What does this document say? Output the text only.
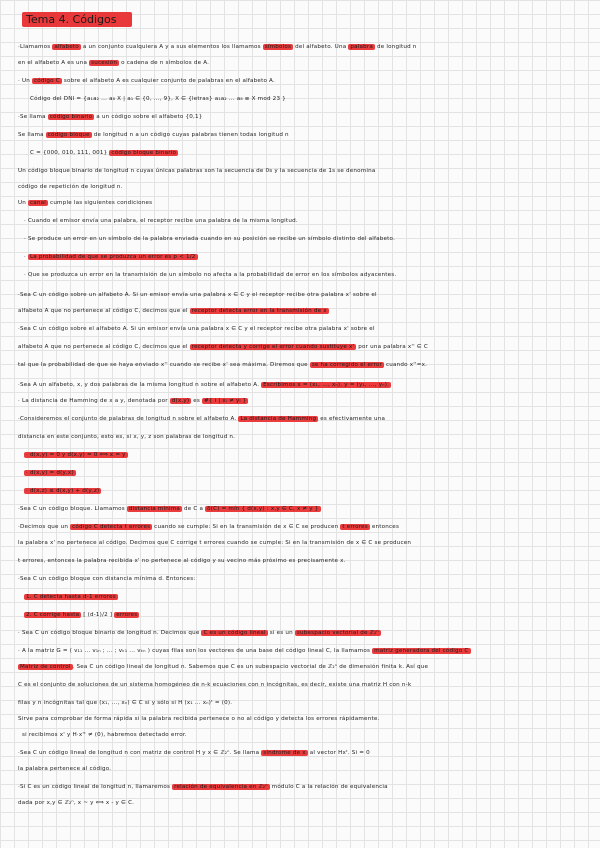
Tema 4. Códigos
·Llamamos alfabeto a un conjunto cualquiera A y a sus elementos los llamamos símbolos del alfabeto. Una palabra de longitud n
en el alfabeto A es una sucesión o cadena de n símbolos de A.
· Un código C sobre el alfabeto A es cualquier conjunto de palabras en el alfabeto A.
Código del DNI = {a₁a₂ ... a₈ X | a₁ ∈ {0, ..., 9}, X ∈ {letras} a₁a₂ ... a₈ ≡ X mod 23 }
·Se llama código binario a un código sobre el alfabeto {0,1}
Se llama código bloque de longitud n a un código cuyas palabras tienen todas longitud n
C = {000, 010, 111, 001} código bloque binario
Un código bloque binario de longitud n cuyas únicas palabras son la secuencia de 0s y la secuencia de 1s se denomina
código de repetición de longitud n.
Un canal cumple las siguientes condiciones
· Cuando el emisor envía una palabra, el receptor recibe una palabra de la misma longitud.
· Se produce un error en un símbolo de la palabra enviada cuando en su posición se recibe un símbolo distinto del alfabeto.
· La probabilidad de que se produzca un error es p < 1/2
· Que se produzca un error en la transmisión de un símbolo no afecta a la probabilidad de error en los símbolos adyacentes.
·Sea C un código sobre un alfabeto A. Si un emisor envía una palabra x ∈ C y el receptor recibe otra palabra x' sobre el
alfabeto A que no pertenece al código C, decimos que el receptor detecta error en la transmisión de x
·Sea C un código sobre el alfabeto A. Si un emisor envía una palabra x ∈ C y el receptor recibe otra palabra x' sobre el
alfabeto A que no pertenece al código C, decimos que el receptor detecta y corrige el error cuando sustituye x' por una palabra x'' ∈ C
tal que la probabilidad de que se haya enviado x'' cuando se recibe x' sea máxima. Diremos que se ha corregido el error cuando x''=x.
·Sea A un alfabeto, x, y dos palabras de la misma longitud n sobre el alfabeto A. Escribimos x = (x₁, ..., xₙ), y = (y₁, ..., yₙ).
· La distancia de Hamming de x a y, denotada por d(x,y) es #{ i | xᵢ ≠ yᵢ }
·Consideremos el conjunto de palabras de longitud n sobre el alfabeto A. La distancia de Hamming es efectivamente una
distancia en este conjunto, esto es, si x, y, z son palabras de longitud n.
· d(x,y) = 0 y d(x,y) = 0 ⟺ x = y
· d(x,y) = d(y,x)
· d(x,z) ≤ d(x,y) + d(y,z)
·Sea C un código bloque. Llamamos distancia mínima de C a δ(C) = mín { d(x,y) : x,y ∈ C, x ≠ y }
·Decimos que un código C detecta t errores cuando se cumple: Si en la transmisión de x ∈ C se producen t errores entonces
la palabra x' no pertenece al código. Decimos que C corrige t errores cuando se cumple: Si en la transmisión de x ∈ C se producen
t errores, entonces la palabra recibida x' no pertenece al código y su vecino más próximo es precisamente x.
·Sea C un código bloque con distancia mínima d. Entonces:
1. C detecta hasta d-1 errores
2. C corrige hasta [ (d-1)/2 ] errores
· Sea C un código bloque binario de longitud n. Decimos que C es un código lineal si es un subespacio vectorial de ℤ₂ⁿ
· A la matriz G = ( v₁₁ ... v₁ₙ ; ... ; vₖ₁ ... vₖₙ ) cuyas filas son los vectores de una base del código lineal C, la llamamos matriz generadora del código C
Matriz de control . Sea C un código lineal de longitud n. Sabemos que C es un subespacio vectorial de ℤ₂ⁿ de dimensión finita k. Así que
C es el conjunto de soluciones de un sistema homogéneo de n-k ecuaciones con n incógnitas, es decir, existe una matriz H con n-k
filas y n incógnitas tal que (x₁, ..., xₙ) ∈ C si y sólo si H (x₁ ... xₙ)ᵗ = (0).
Sirve para comprobar de forma rápida si la palabra recibida pertenece o no al código y detecta los errores rápidamente.
si recibimos x' y H·x'ᵗ ≠ (0), habremos detectado error.
·Sea C un código lineal de longitud n con matriz de control H y x ∈ ℤ₂ⁿ. Se llama síndrome de x al vector Hxᵗ. Si = 0
la palabra pertenece al código.
·Si C es un código lineal de longitud n, llamaremos relación de equivalencia en ℤ₂ⁿ módulo C a la relación de equivalencia
dada por x,y ∈ ℤ₂ⁿ, x ~ y ⟺ x - y ∈ C.
